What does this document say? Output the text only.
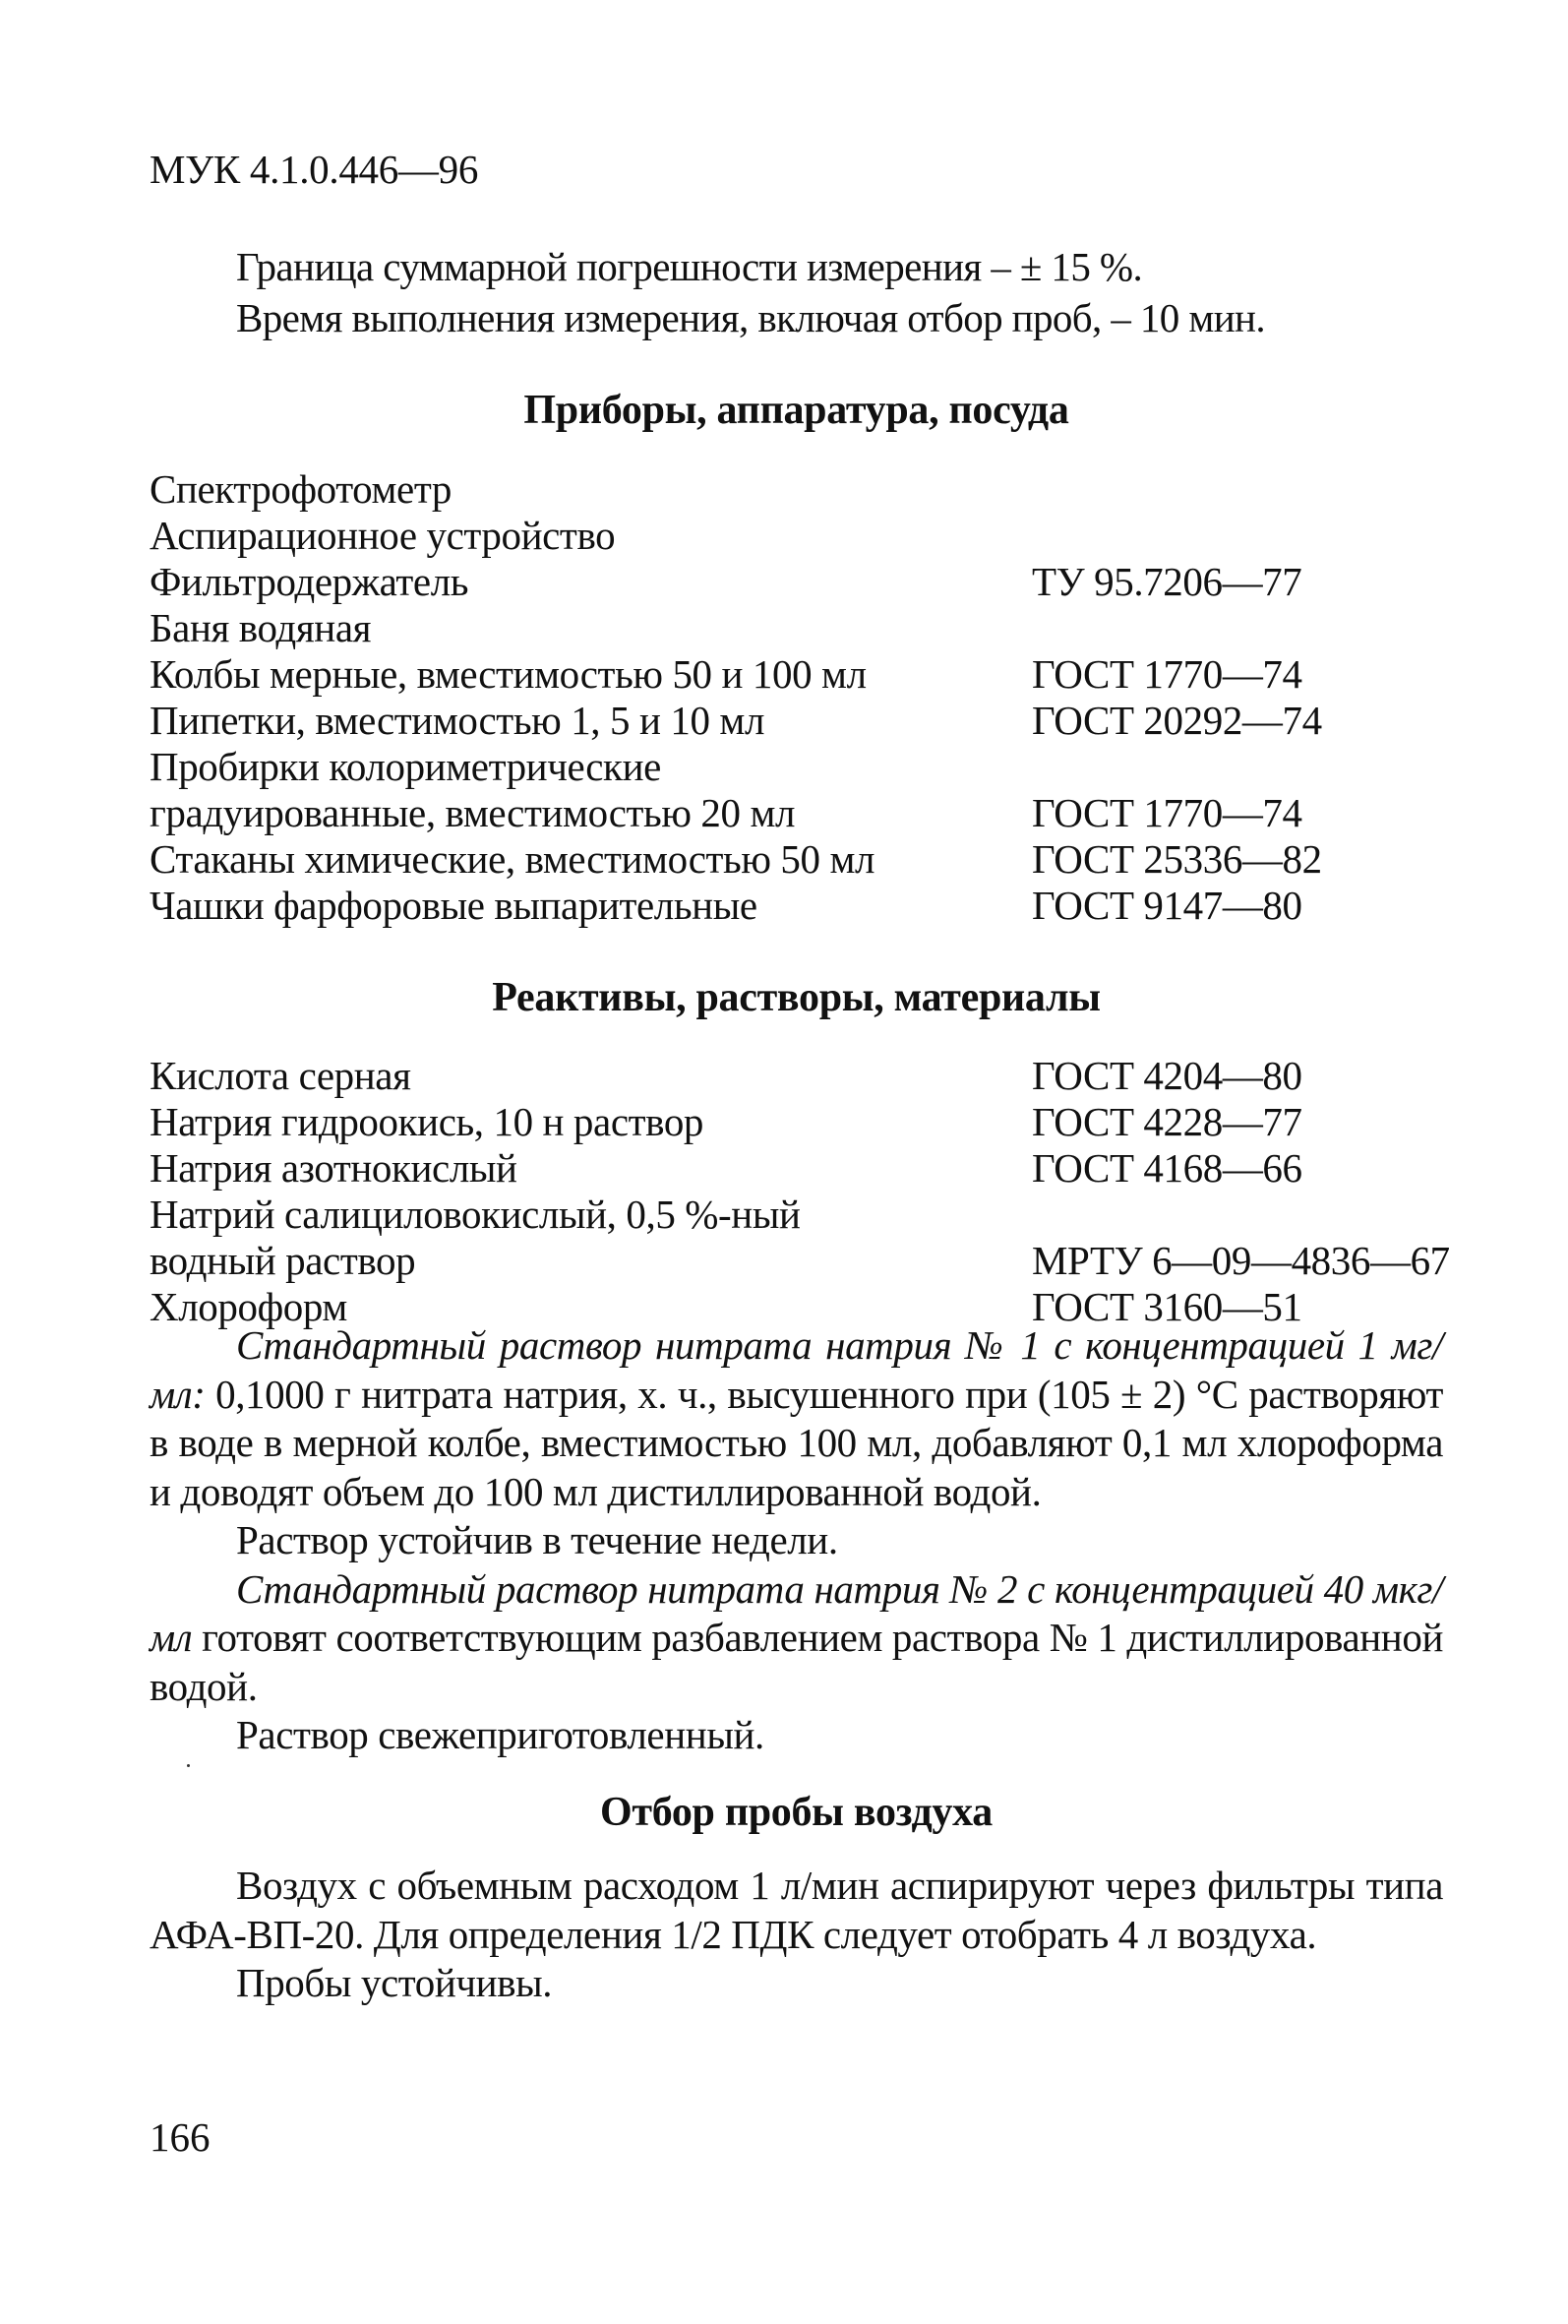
МУК 4.1.0.446—96

Граница суммарной погрешности измерения – ± 15 %.

Время выполнения измерения, включая отбор проб, – 10 мин.

Приборы, аппаратура, посуда
Спектрофотометр
Аспирационное устройство
Фильтродержатель	ТУ 95.7206—77
Баня водяная
Колбы мерные, вместимостью 50 и 100 мл	ГОСТ 1770—74
Пипетки, вместимостью 1, 5 и 10 мл	ГОСТ 20292—74
Пробирки колориметрические
градуированные, вместимостью 20 мл	ГОСТ 1770—74
Стаканы химические, вместимостью 50 мл	ГОСТ 25336—82
Чашки фарфоровые выпарительные	ГОСТ 9147—80
Реактивы, растворы, материалы
Кислота серная	ГОСТ 4204—80
Натрия гидроокись, 10 н раствор	ГОСТ 4228—77
Натрия азотнокислый	ГОСТ 4168—66
Натрий салициловокислый, 0,5 %-ный
водный раствор	МРТУ 6—09—4836—67
Хлороформ	ГОСТ 3160—51

Стандартный раствор нитрата натрия № 1 с концентрацией 1 мг/мл: 0,1000 г нитрата натрия, х. ч., высушенного при (105 ± 2) °С растворяют в воде в мерной колбе, вместимостью 100 мл, добавляют 0,1 мл хлороформа и доводят объем до 100 мл дистиллированной водой.

Раствор устойчив в течение недели.

Стандартный раствор нитрата натрия № 2 с концентрацией 40 мкг/мл готовят соответствующим разбавлением раствора № 1 дистиллированной водой.

Раствор свежеприготовленный.

Отбор пробы воздуха

Воздух с объемным расходом 1 л/мин аспирируют через фильтры типа АФА-ВП-20. Для определения 1/2 ПДК следует отобрать 4 л воздуха.

Пробы устойчивы.

166
